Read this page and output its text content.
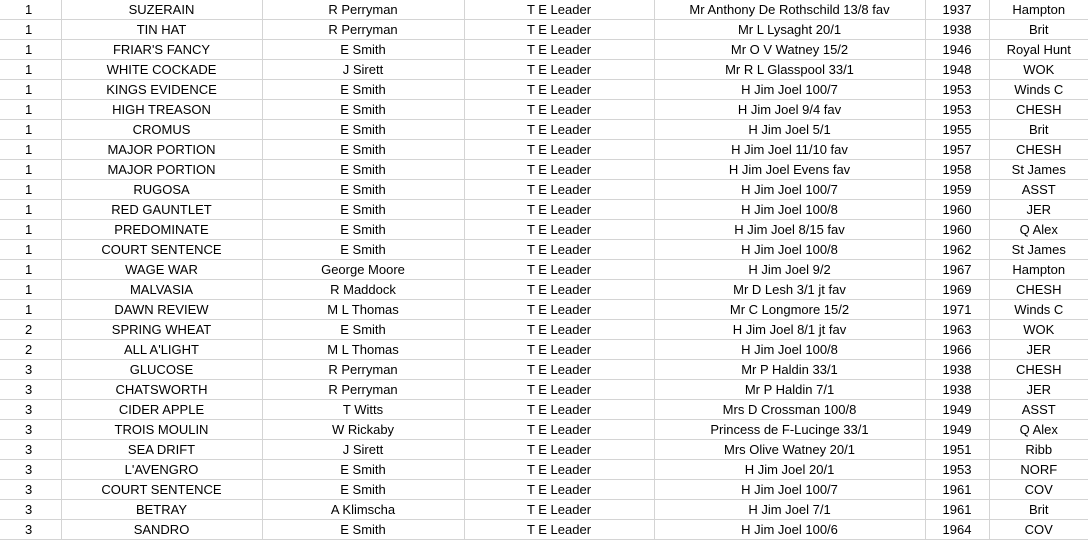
1	SUZERAIN	R Perryman	T E Leader	Mr Anthony De Rothschild 13/8 fav	1937	Hampton
1	TIN HAT	R Perryman	T E Leader	Mr L Lysaght 20/1	1938	Brit
1	FRIAR'S FANCY	E Smith	T E Leader	Mr O V Watney 15/2	1946	Royal Hunt
1	WHITE COCKADE	J Sirett	T E Leader	Mr R L Glasspool 33/1	1948	WOK
1	KINGS EVIDENCE	E Smith	T E Leader	H Jim Joel 100/7	1953	Winds C
1	HIGH TREASON	E Smith	T E Leader	H Jim Joel 9/4 fav	1953	CHESH
1	CROMUS	E Smith	T E Leader	H Jim Joel 5/1	1955	Brit
1	MAJOR PORTION	E Smith	T E Leader	H Jim Joel 11/10 fav	1957	CHESH
1	MAJOR PORTION	E Smith	T E Leader	H Jim Joel Evens fav	1958	St James
1	RUGOSA	E Smith	T E Leader	H Jim Joel 100/7	1959	ASST
1	RED GAUNTLET	E Smith	T E Leader	H Jim Joel 100/8	1960	JER
1	PREDOMINATE	E Smith	T E Leader	H Jim Joel 8/15 fav	1960	Q Alex
1	COURT SENTENCE	E Smith	T E Leader	H Jim Joel 100/8	1962	St James
1	WAGE WAR	George Moore	T E Leader	H Jim Joel 9/2	1967	Hampton
1	MALVASIA	R Maddock	T E Leader	Mr D Lesh 3/1 jt fav	1969	CHESH
1	DAWN REVIEW	M L Thomas	T E Leader	Mr C Longmore 15/2	1971	Winds C
2	SPRING WHEAT	E Smith	T E Leader	H Jim Joel 8/1 jt fav	1963	WOK
2	ALL A'LIGHT	M L Thomas	T E Leader	H Jim Joel 100/8	1966	JER
3	GLUCOSE	R Perryman	T E Leader	Mr P Haldin 33/1	1938	CHESH
3	CHATSWORTH	R Perryman	T E Leader	Mr P Haldin 7/1	1938	JER
3	CIDER APPLE	T Witts	T E Leader	Mrs D Crossman 100/8	1949	ASST
3	TROIS MOULIN	W Rickaby	T E Leader	Princess de F-Lucinge 33/1	1949	Q Alex
3	SEA DRIFT	J Sirett	T E Leader	Mrs Olive Watney 20/1	1951	Ribb
3	L'AVENGRO	E Smith	T E Leader	H Jim Joel 20/1	1953	NORF
3	COURT SENTENCE	E Smith	T E Leader	H Jim Joel 100/7	1961	COV
3	BETRAY	A Klimscha	T E Leader	H Jim Joel 7/1	1961	Brit
3	SANDRO	E Smith	T E Leader	H Jim Joel 100/6	1964	COV
